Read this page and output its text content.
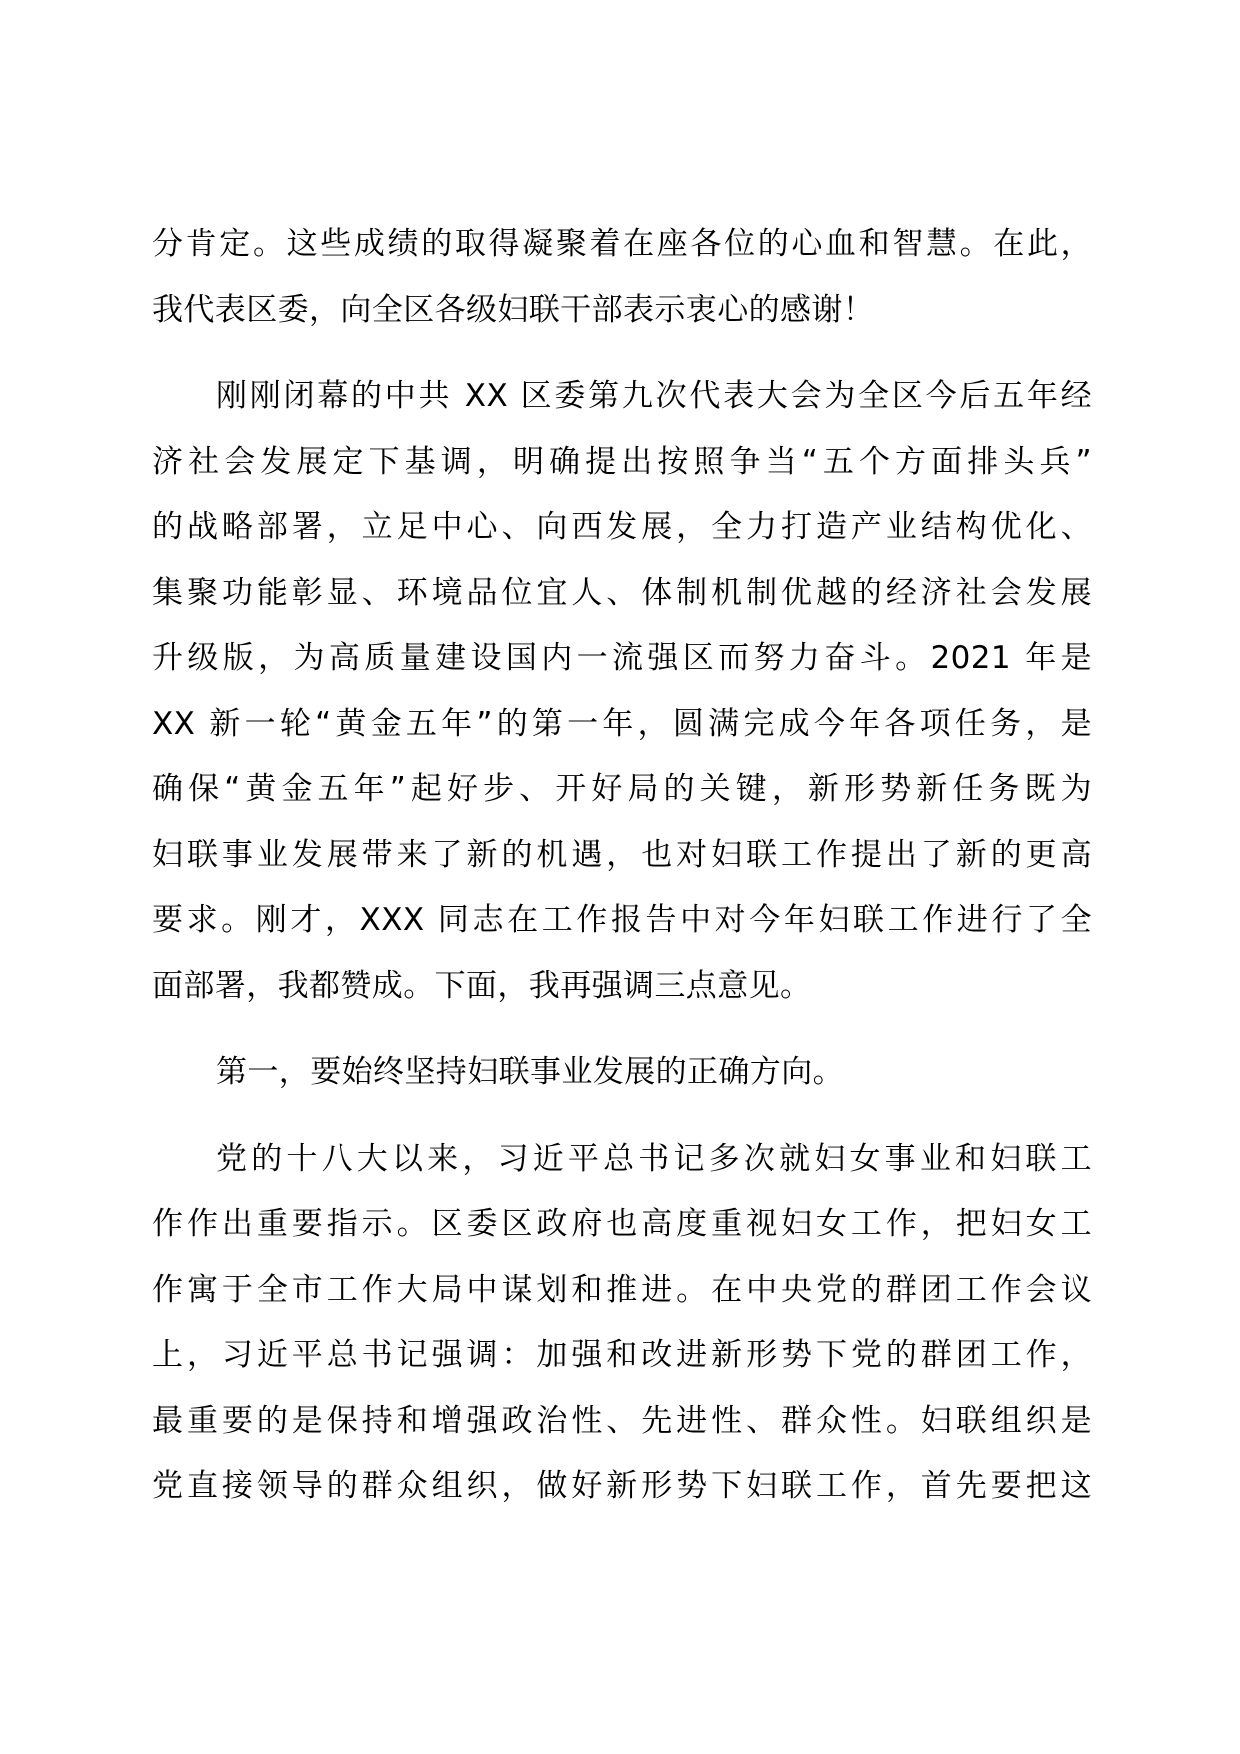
分肯定。这些成绩的取得凝聚着在座各位的心血和智慧。在此，
我代表区委，向全区各级妇联干部表示衷心的感谢！
刚刚闭幕的中共 XX 区委第九次代表大会为全区今后五年经
济社会发展定下基调，明确提出按照争当“五个方面排头兵”
的战略部署，立足中心、向西发展，全力打造产业结构优化、
集聚功能彰显、环境品位宜人、体制机制优越的经济社会发展
升级版，为高质量建设国内一流强区而努力奋斗。2021 年是
XX 新一轮“黄金五年”的第一年，圆满完成今年各项任务，是
确保“黄金五年”起好步、开好局的关键，新形势新任务既为
妇联事业发展带来了新的机遇，也对妇联工作提出了新的更高
要求。刚才，XXX 同志在工作报告中对今年妇联工作进行了全
面部署，我都赞成。下面，我再强调三点意见。
第一，要始终坚持妇联事业发展的正确方向。
党的十八大以来，习近平总书记多次就妇女事业和妇联工
作作出重要指示。区委区政府也高度重视妇女工作，把妇女工
作寓于全市工作大局中谋划和推进。在中央党的群团工作会议
上，习近平总书记强调：加强和改进新形势下党的群团工作，
最重要的是保持和增强政治性、先进性、群众性。妇联组织是
党直接领导的群众组织，做好新形势下妇联工作，首先要把这
